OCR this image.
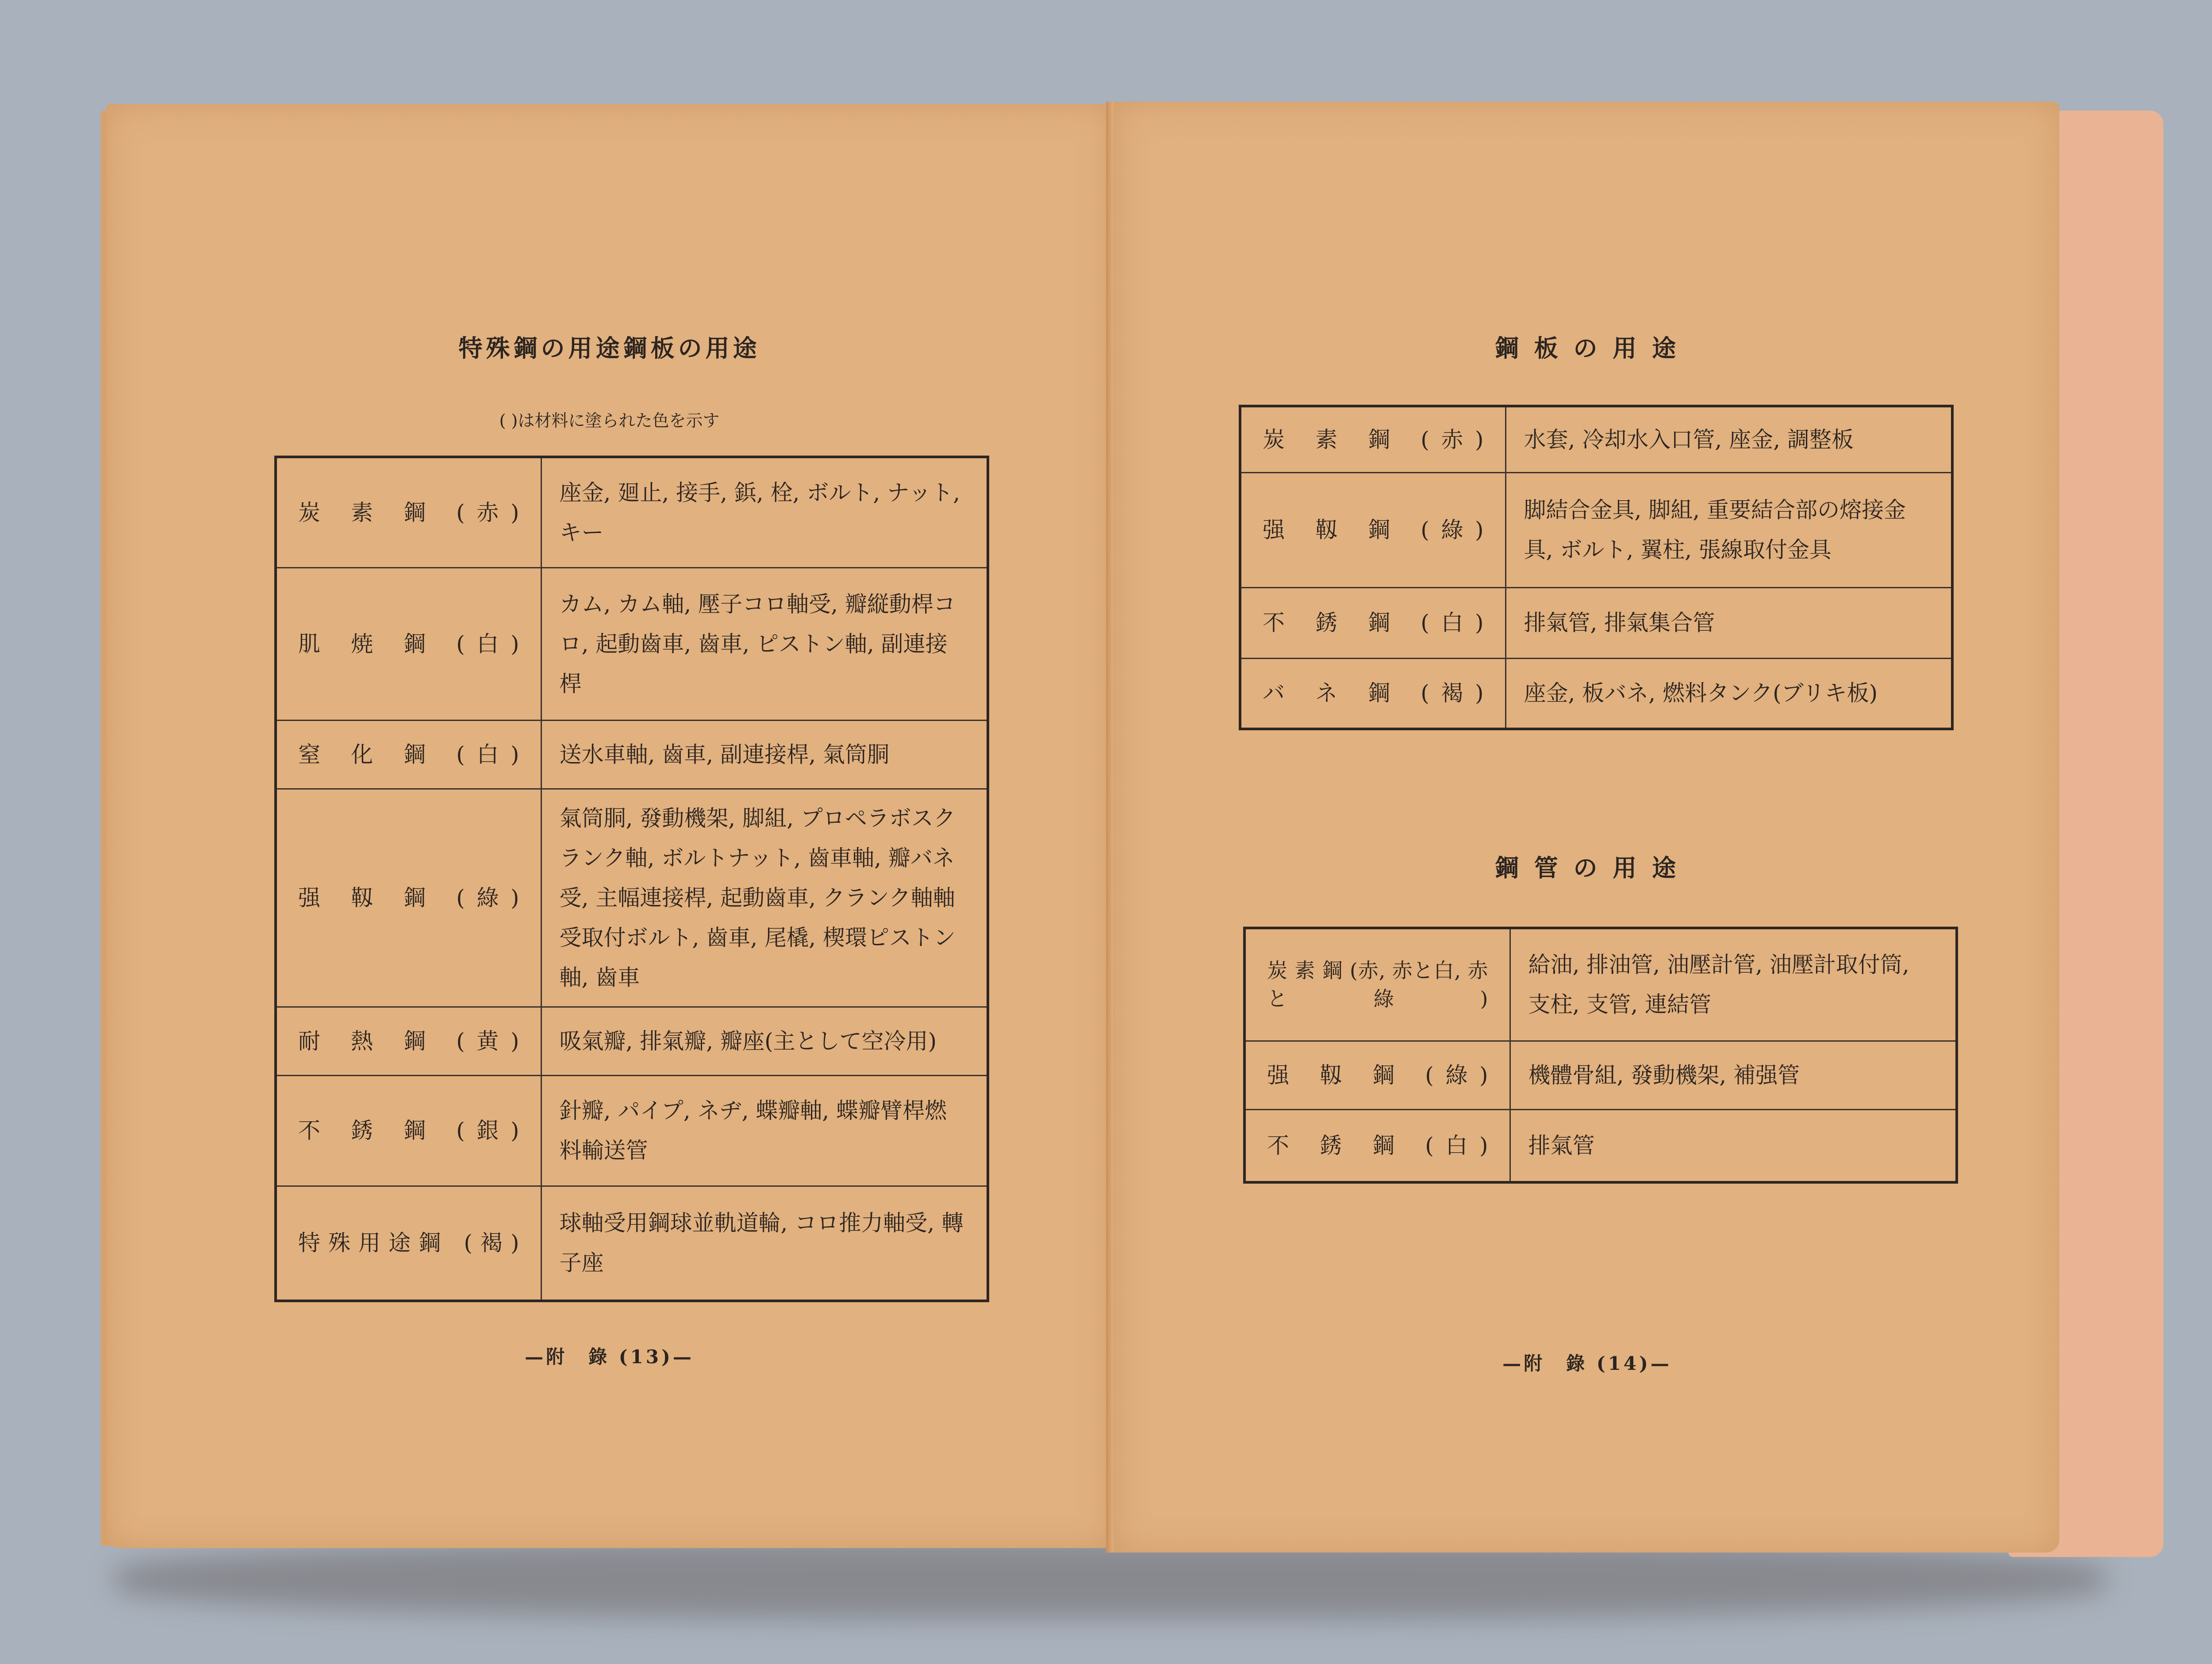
特殊鋼の用途鋼板の用途
( )は材料に塗られた色を示す
炭 素 鋼 (赤)	座金, 廻止, 接手, 鋲, 栓, ボルト, ナット, キー
肌 焼 鋼 (白)	カム, カム軸, 壓子コロ軸受, 瓣縦動桿コロ, 起動齒車, 齒車, ピストン軸, 副連接桿
窒 化 鋼 (白)	送水車軸, 齒車, 副連接桿, 氣筒胴
强 靱 鋼 (綠)	氣筒胴, 發動機架, 脚組, プロペラボスクランク軸, ボルトナット, 齒車軸, 瓣バネ受, 主幅連接桿, 起動齒車, クランク軸軸受取付ボルト, 齒車, 尾橇, 楔環ピストン軸, 齒車
耐 熱 鋼 (黄)	吸氣瓣, 排氣瓣, 瓣座(主として空冷用)
不 銹 鋼 (銀)	針瓣, パイプ, ネヂ, 蝶瓣軸, 蝶瓣臂桿燃料輸送管
特殊用途鋼 (褐)	球軸受用鋼球並軌道輪, コロ推力軸受, 轉子座
—附　錄 (13)—
鋼 板 の 用 途
炭 素 鋼 (赤)	水套, 冷却水入口管, 座金, 調整板
强 靱 鋼 (綠)	脚結合金具, 脚組, 重要結合部の熔接金具, ボルト, 翼柱, 張線取付金具
不 銹 鋼 (白)	排氣管, 排氣集合管
バ ネ 鋼 (褐)	座金, 板バネ, 燃料タンク(ブリキ板)
鋼 管 の 用 途
炭 素 鋼 (赤, 赤と白, 赤と綠)	給油, 排油管, 油壓計管, 油壓計取付筒, 支柱, 支管, 連結管
强 靱 鋼 (綠)	機體骨組, 發動機架, 補强管
不 銹 鋼 (白)	排氣管
—附　錄 (14)—
